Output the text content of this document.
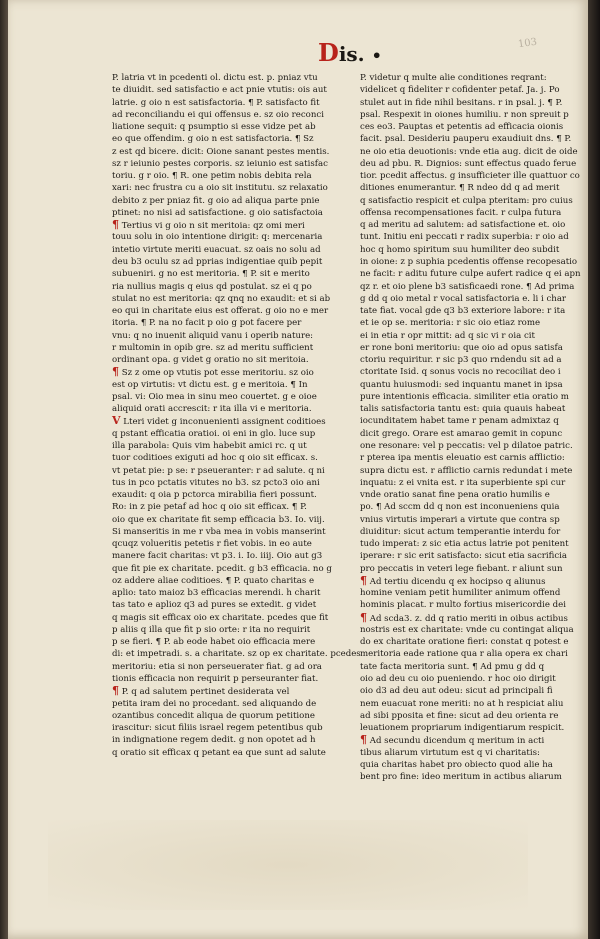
Dis. •
103
P. latria vt in pcedenti ol. dictu est. p. pniaz vtu
te diuidit. sed satisfactio e act pnie vtutis: ois aut
latrie. g oio n est satisfactoria. ¶ P. satisfacto fit
ad reconciliandu ei qui offensus e. sz oio reconci
liatione sequit: q psumptio si esse vidze pet ab
eo que offendim. g oio n est satisfactoria. ¶ Sz
z est qd bicere. dicit: Oione sanant pestes mentis.
sz r ieiunio pestes corporis. sz ieiunio est satisfac
toriu. g r oio. ¶ R. one petim nobis debita rela
xari: nec frustra cu a oio sit institutu. sz relaxatio
debito z per pniaz fit. g oio ad aliqua parte pnie
ptinet: no nisi ad satisfactione. g oio satisfactoia
¶ Tertius vi g oio n sit meritoia: qz omi meri
touu solu in oio intentione dirigit: q: mercenaria
intetio virtute meriti euacuat. sz oais no solu ad
deu b3 oculu sz ad pprias indigentiae quib pepit
subueniri. g no est meritoria. ¶ P. sit e merito
ria nullius magis q eius qd postulat. sz ei q po
stulat no est meritoria: qz qnq no exaudit: et si ab
eo qui in charitate eius est offerat. g oio no e mer
itoria. ¶ P. na no facit p oio g pot facere per
vnu: q no inuenit aliquid vanu i operib nature:
r multomin in opib gre. sz ad meritu sufficient
ordinant opa. g videt g oratio no sit meritoia.
¶ Sz z ome op vtutis pot esse meritoriu. sz oio
est op virtutis: vt dictu est. g e meritoia. ¶ In
psal. vi: Oio mea in sinu meo couertet. g e oioe
aliquid orati accrescit: r ita illa vi e meritoria.
V Lteri videt g inconuenienti assignent coditioes
q pstant efficatia oratioi. oi eni in glo. luce sup
illa parabola: Quis vim habebit amici rc. q ut
tuor coditioes exiguti ad hoc q oio sit efficax. s.
vt petat pie: p se: r pseueranter: r ad salute. q ni
tus in pco pctatis vitutes no b3. sz pcto3 oio ani
exaudit: q oia p pctorca mirabilia fieri possunt.
Ro: in z pie petaf ad hoc q oio sit efficax. ¶ P.
oio que ex charitate fit semp efficacia b3. Io. viij.
Si manseritis in me r vba mea in vobis manserint
qcuqz volueritis petetis r fiet vobis. in eo aute
manere facit charitas: vt p3. i. Io. iiij. Oio aut g3
que fit pie ex charitate. pcedit. g b3 efficacia. no g
oz addere aliae coditioes. ¶ P. quato charitas e
aplio: tato maioz b3 efficacias merendi. h charit
tas tato e aplioz q3 ad pures se extedit. g videt
q magis sit efficax oio ex charitate. pcedes que fit
p aliis q illa que fit p sio orte: r ita no requirit
p se fieri. ¶ P. ab eode habet oio efficacia mere
di: et impetradi. s. a charitate. sz op ex charitate. pcedes
meritoriu: etia si non perseuerater fiat. g ad ora
tionis efficacia non requirit p perseuranter fiat.
¶ P. q ad salutem pertinet desiderata vel
petita iram dei no procedant. sed aliquando de
ozantibus concedit aliqua de quorum petitione
irascitur: sicut filiis israel regem petentibus qub
in indignatione regem dedit. g non opotet ad h
q oratio sit efficax q petant ea que sunt ad salute
P. videtur q multe alie conditiones reqrant:
videlicet q fideliter r cofidenter petaf. Ja. j. Po
stulet aut in fide nihil besitans. r in psal. j. ¶ P.
psal. Respexit in oiones humiliu. r non spreuit p
ces eo3. Pauptas et petentis ad efficacia oionis
facit. psal. Desideriu pauperu exaudiuit dns. ¶ P.
ne oio etia deuotionis: vnde etia aug. dicit de oide
deu ad pbu. R. Dignios: sunt effectus quado ferue
tior. pcedit affectus. g insufficieter ille quattuor co
ditiones enumerantur. ¶ R ndeo dd q ad merit
q satisfactio respicit et culpa pteritam: pro cuius
offensa recompensationes facit. r culpa futura
q ad meritu ad salutem: ad satisfactione et. oio
tunt. Initiu eni peccati r radix superbia: r oio ad
hoc q homo spiritum suu humiliter deo subdit
in oione: z p suphia pcedentis offense recopesatio
ne facit: r aditu future culpe aufert radice q ei apn
qz r. et oio plene b3 satisficaedi rone. ¶ Ad prima
g dd q oio metal r vocal satisfactoria e. li i char
tate fiat. vocal gde q3 b3 exteriore labore: r ita
et ie op se. meritoria: r sic oio etiaz rome
ei in etia r opr mittit: ad q sic vi r oia cit
er rone boni meritoriu: que oio ad opus satisfa
ctoriu requiritur. r sic p3 quo rndendu sit ad a
ctoritate Isid. q sonus vocis no recociliat deo i
quantu huiusmodi: sed inquantu manet in ipsa
pure intentionis efficacia. similiter etia oratio m
talis satisfactoria tantu est: quia quauis habeat
iocunditatem habet tame r penam admixtaz q
dicit grego. Orare est amarao gemit in copunc
one resonare: vel p peccatis: vel p dilatoe patric.
r pterea ipa mentis eleuatio est carnis afflictio:
supra dictu est. r afflictio carnis redundat i mete
inquatu: z ei vnita est. r ita superbiente spi cur
vnde oratio sanat fine pena oratio humilis e
po. ¶ Ad sccm dd q non est inconueniens quia
vnius virtutis imperari a virtute que contra sp
diuiditur: sicut actum temperantie interdu for
tudo imperat: z sic etia actus latrie pot penitent
iperare: r sic erit satisfacto: sicut etia sacrificia
pro peccatis in veteri lege fiebant. r aliunt sun
¶ Ad tertiu dicendu q ex hocipso q aliunus
homine veniam petit humiliter animum offend
hominis placat. r multo fortius misericordie dei
¶ Ad scda3. z. dd q ratio meriti in oibus actibus
nostris est ex charitate: vnde cu contingat aliqua
do ex charitate oratione fieri: constat q potest e
meritoria eade ratione qua r alia opera ex chari
tate facta meritoria sunt. ¶ Ad pmu g dd q
oio ad deu cu oio pueniendo. r hoc oio dirigit
oio d3 ad deu aut odeu: sicut ad principali fi
nem euacuat rone meriti: no at h respiciat aliu
ad sibi pposita et fine: sicut ad deu orienta re
leuationem propriarum indigentiarum respicit.
¶ Ad secundu dicendum q meritum in acti
tibus aliarum virtutum est q vi charitatis:
quia charitas habet pro obiecto quod alie ha
bent pro fine: ideo meritum in actibus aliarum
